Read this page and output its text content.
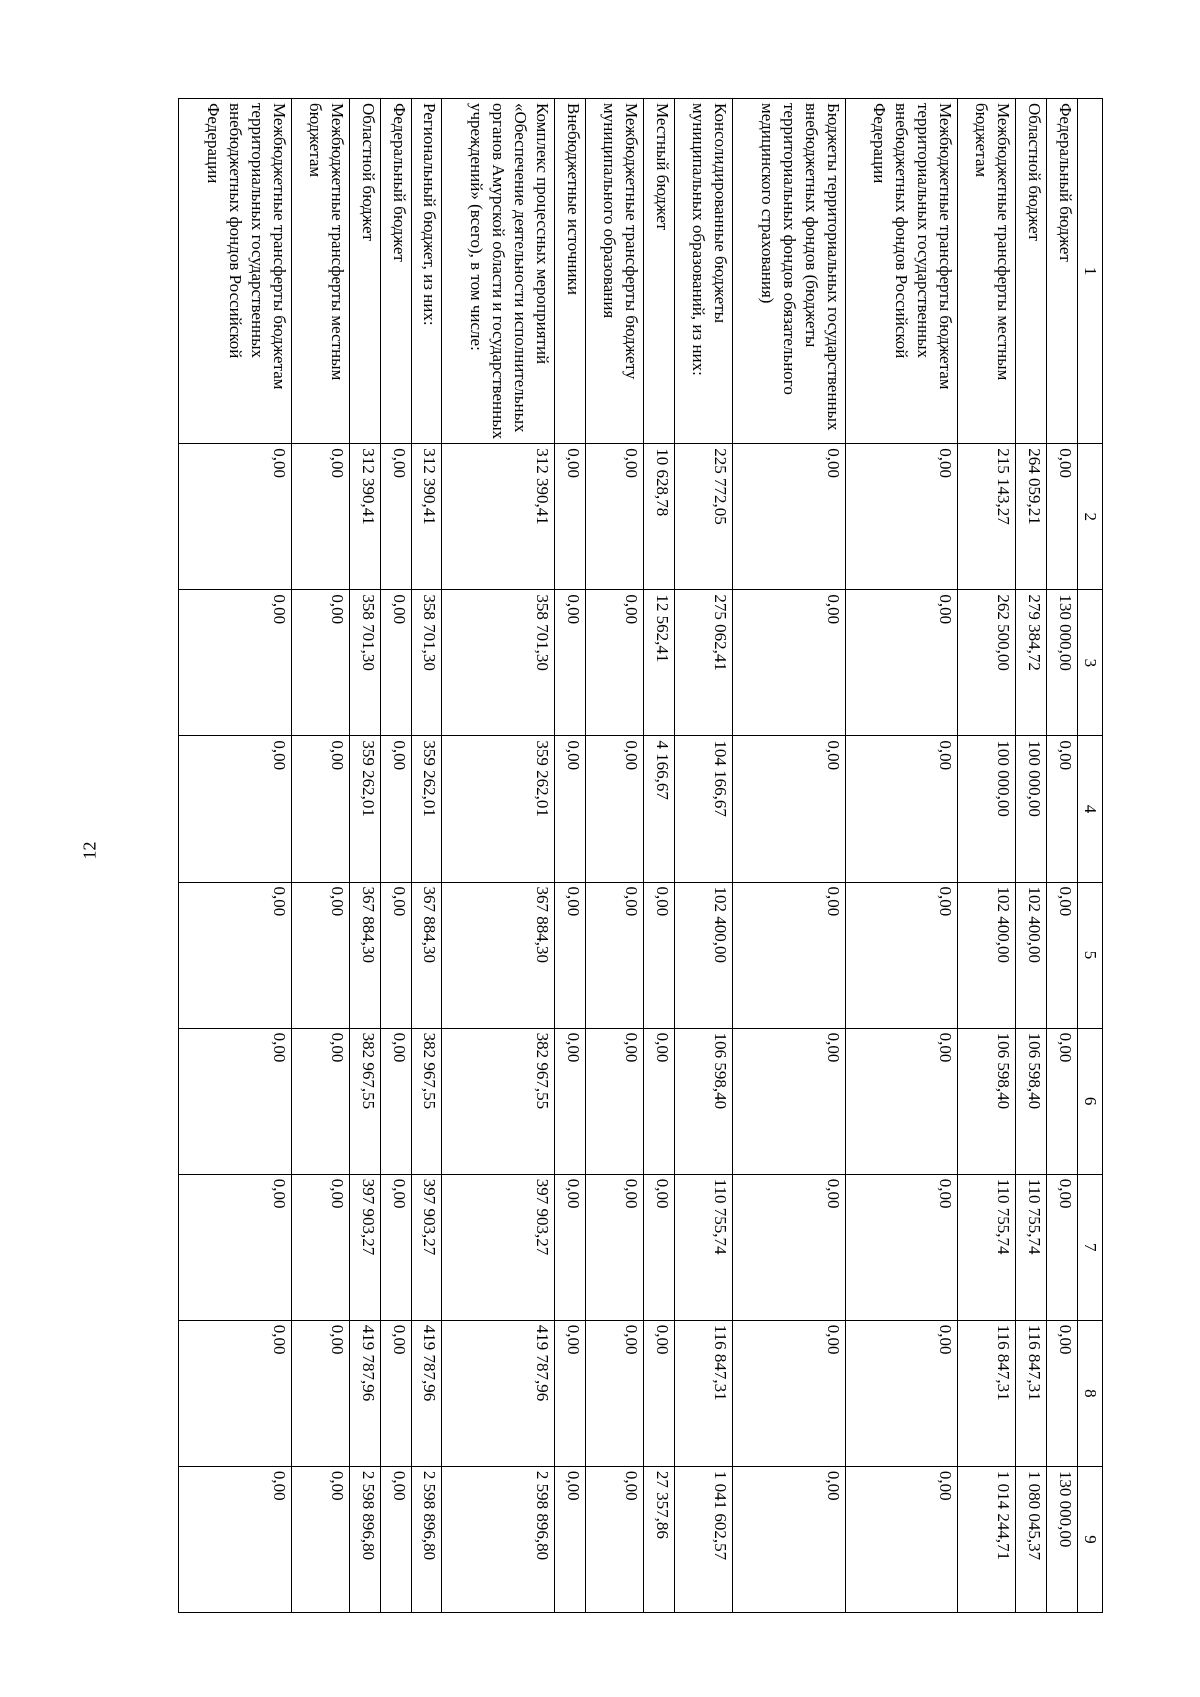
12
1	2	3	4	5	6	7	8	9
Федеральный бюджет	0,00	130 000,00	0,00	0,00	0,00	0,00	0,00	130 000,00
Областной бюджет	264 059,21	279 384,72	100 000,00	102 400,00	106 598,40	110 755,74	116 847,31	1 080 045,37
Межбюджетные трансферты местным бюджетам	215 143,27	262 500,00	100 000,00	102 400,00	106 598,40	110 755,74	116 847,31	1 014 244,71
Межбюджетные трансферты бюджетам территориальных государственных внебюджетных фондов Российской Федерации	0,00	0,00	0,00	0,00	0,00	0,00	0,00	0,00
Бюджеты территориальных государственных внебюджетных фондов (бюджеты территориальных фондов обязательного медицинского страхования)	0,00	0,00	0,00	0,00	0,00	0,00	0,00	0,00
Консолидированные бюджеты муниципальных образований, из них:	225 772,05	275 062,41	104 166,67	102 400,00	106 598,40	110 755,74	116 847,31	1 041 602,57
Местный бюджет	10 628,78	12 562,41	4 166,67	0,00	0,00	0,00	0,00	27 357,86
Межбюджетные трансферты бюджету муниципального образования	0,00	0,00	0,00	0,00	0,00	0,00	0,00	0,00
Внебюджетные источники	0,00	0,00	0,00	0,00	0,00	0,00	0,00	0,00
Комплекс процессных мероприятий «Обеспечение деятельности исполнительных органов Амурской области и государственных учреждений» (всего), в том числе:	312 390,41	358 701,30	359 262,01	367 884,30	382 967,55	397 903,27	419 787,96	2 598 896,80
Региональный бюджет, из них:	312 390,41	358 701,30	359 262,01	367 884,30	382 967,55	397 903,27	419 787,96	2 598 896,80
Федеральный бюджет	0,00	0,00	0,00	0,00	0,00	0,00	0,00	0,00
Областной бюджет	312 390,41	358 701,30	359 262,01	367 884,30	382 967,55	397 903,27	419 787,96	2 598 896,80
Межбюджетные трансферты местным бюджетам	0,00	0,00	0,00	0,00	0,00	0,00	0,00	0,00
Межбюджетные трансферты бюджетам территориальных государственных внебюджетных фондов Российской Федерации	0,00	0,00	0,00	0,00	0,00	0,00	0,00	0,00
